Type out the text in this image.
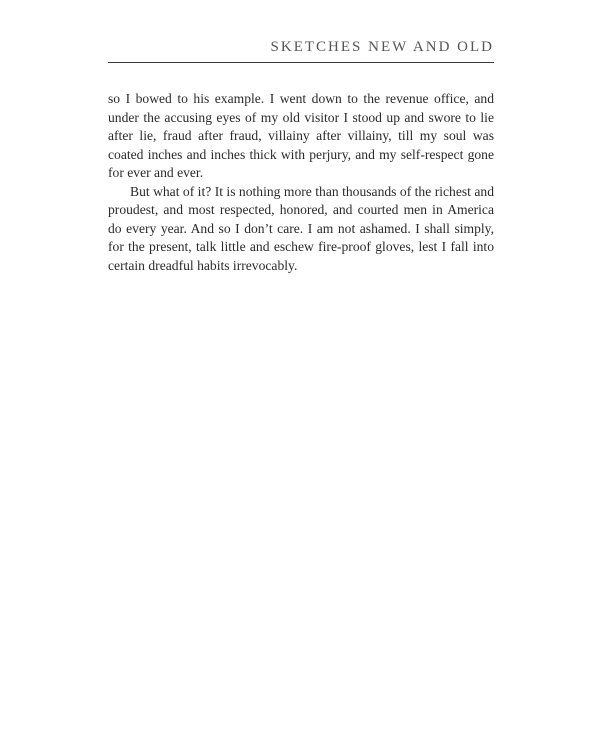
SKETCHES NEW AND OLD

so I bowed to his example. I went down to the revenue office, and under the accusing eyes of my old visitor I stood up and swore to lie after lie, fraud after fraud, villainy after villainy, till my soul was coated inches and inches thick with perjury, and my self-respect gone for ever and ever.

But what of it? It is nothing more than thousands of the richest and proudest, and most respected, honored, and courted men in America do every year. And so I don’t care. I am not ashamed. I shall simply, for the present, talk little and eschew fire-proof gloves, lest I fall into certain dreadful habits irrevocably.
